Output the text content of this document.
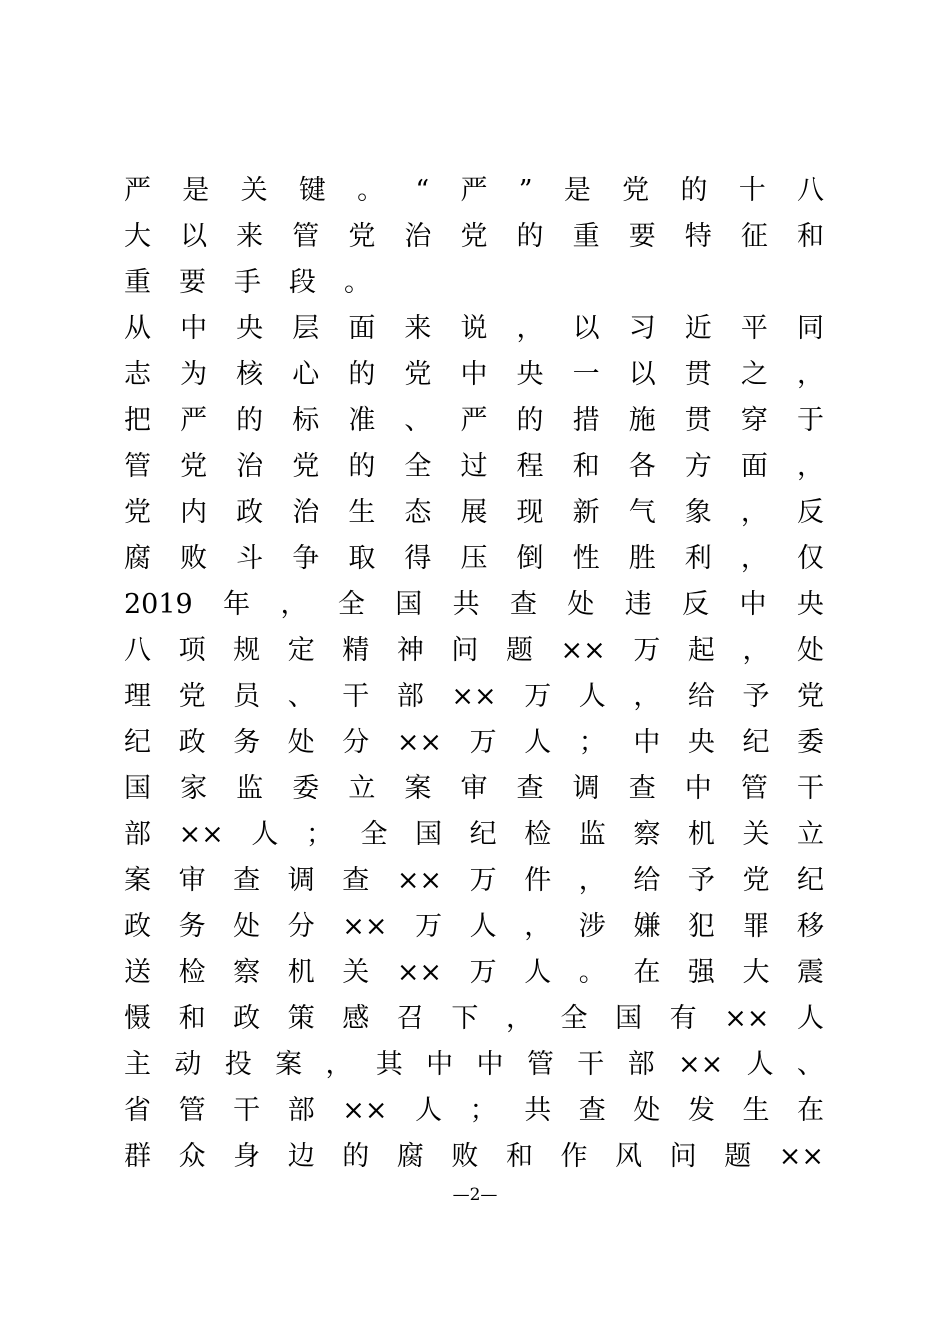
严 是 关 键 。 “ 严 ” 是 党 的 十 八
大 以 来 管 党 治 党 的 重 要 特 征 和
重 要 手 段 。
从 中 央 层 面 来 说 ， 以 习 近 平 同
志 为 核 心 的 党 中 央 一 以 贯 之 ，
把 严 的 标 准 、 严 的 措 施 贯 穿 于
管 党 治 党 的 全 过 程 和 各 方 面 ，
党 内 政 治 生 态 展 现 新 气 象 ， 反
腐 败 斗 争 取 得 压 倒 性 胜 利 ， 仅
2019 年 ， 全 国 共 查 处 违 反 中 央
八 项 规 定 精 神 问 题 ×× 万 起 ， 处
理 党 员 、 干 部 ×× 万 人 ， 给 予 党
纪 政 务 处 分 ×× 万 人 ； 中 央 纪 委
国 家 监 委 立 案 审 查 调 查 中 管 干
部 ×× 人 ； 全 国 纪 检 监 察 机 关 立
案 审 查 调 查 ×× 万 件 ， 给 予 党 纪
政 务 处 分 ×× 万 人 ， 涉 嫌 犯 罪 移
送 检 察 机 关 ×× 万 人 。 在 强 大 震
慑 和 政 策 感 召 下 ， 全 国 有 ×× 人
主 动 投 案 ， 其 中 中 管 干 部 ×× 人 、
省 管 干 部 ×× 人 ； 共 查 处 发 生 在
群 众 身 边 的 腐 败 和 作 风 问 题 ××
—2—
